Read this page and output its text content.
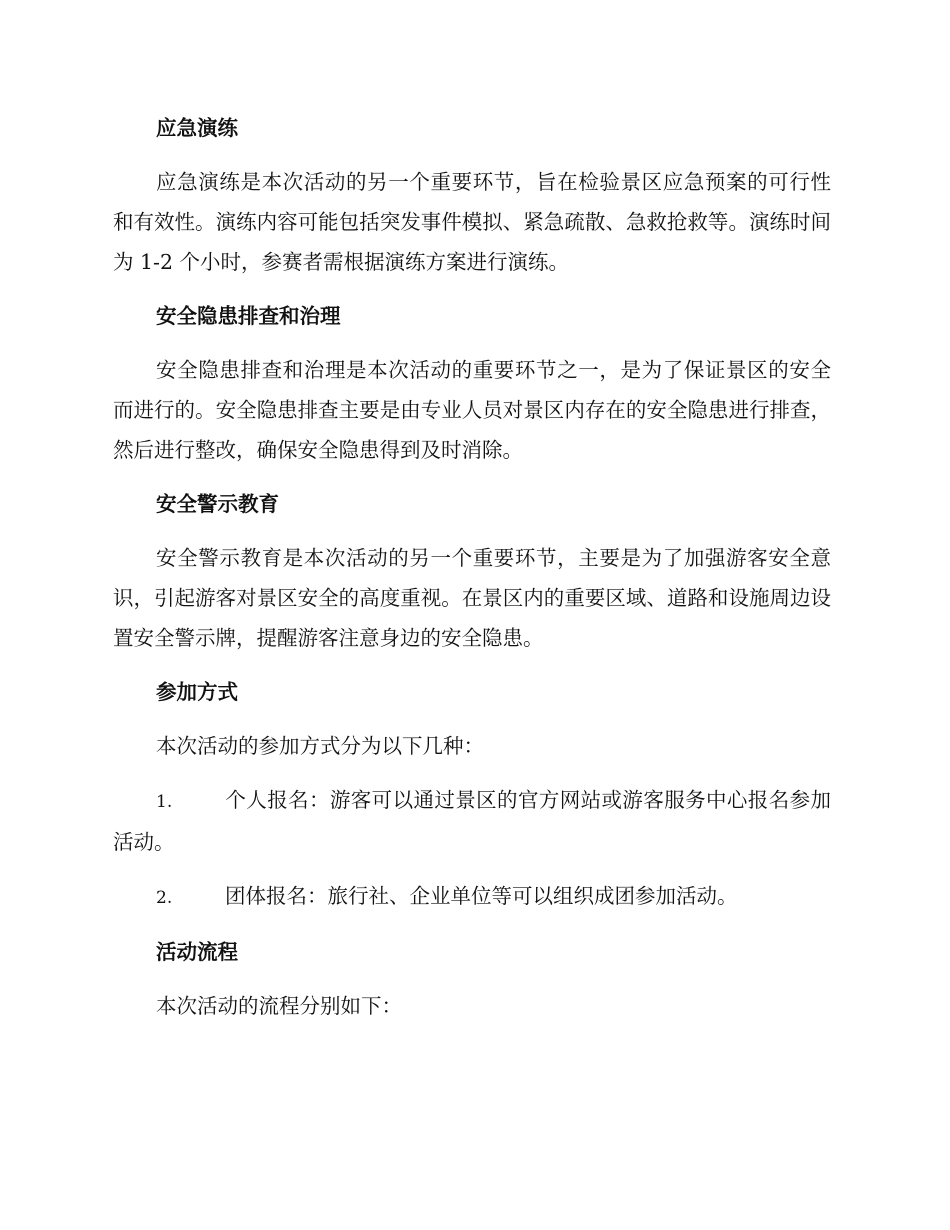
应急演练

应急演练是本次活动的另一个重要环节，旨在检验景区应急预案的可行性和有效性。演练内容可能包括突发事件模拟、紧急疏散、急救抢救等。演练时间为 1-2 个小时，参赛者需根据演练方案进行演练。

安全隐患排查和治理

安全隐患排查和治理是本次活动的重要环节之一，是为了保证景区的安全而进行的。安全隐患排查主要是由专业人员对景区内存在的安全隐患进行排查，然后进行整改，确保安全隐患得到及时消除。

安全警示教育

安全警示教育是本次活动的另一个重要环节，主要是为了加强游客安全意识，引起游客对景区安全的高度重视。在景区内的重要区域、道路和设施周边设置安全警示牌，提醒游客注意身边的安全隐患。

参加方式

本次活动的参加方式分为以下几种：

1.	个人报名：游客可以通过景区的官方网站或游客服务中心报名参加活动。

2.	团体报名：旅行社、企业单位等可以组织成团参加活动。

活动流程

本次活动的流程分别如下：
